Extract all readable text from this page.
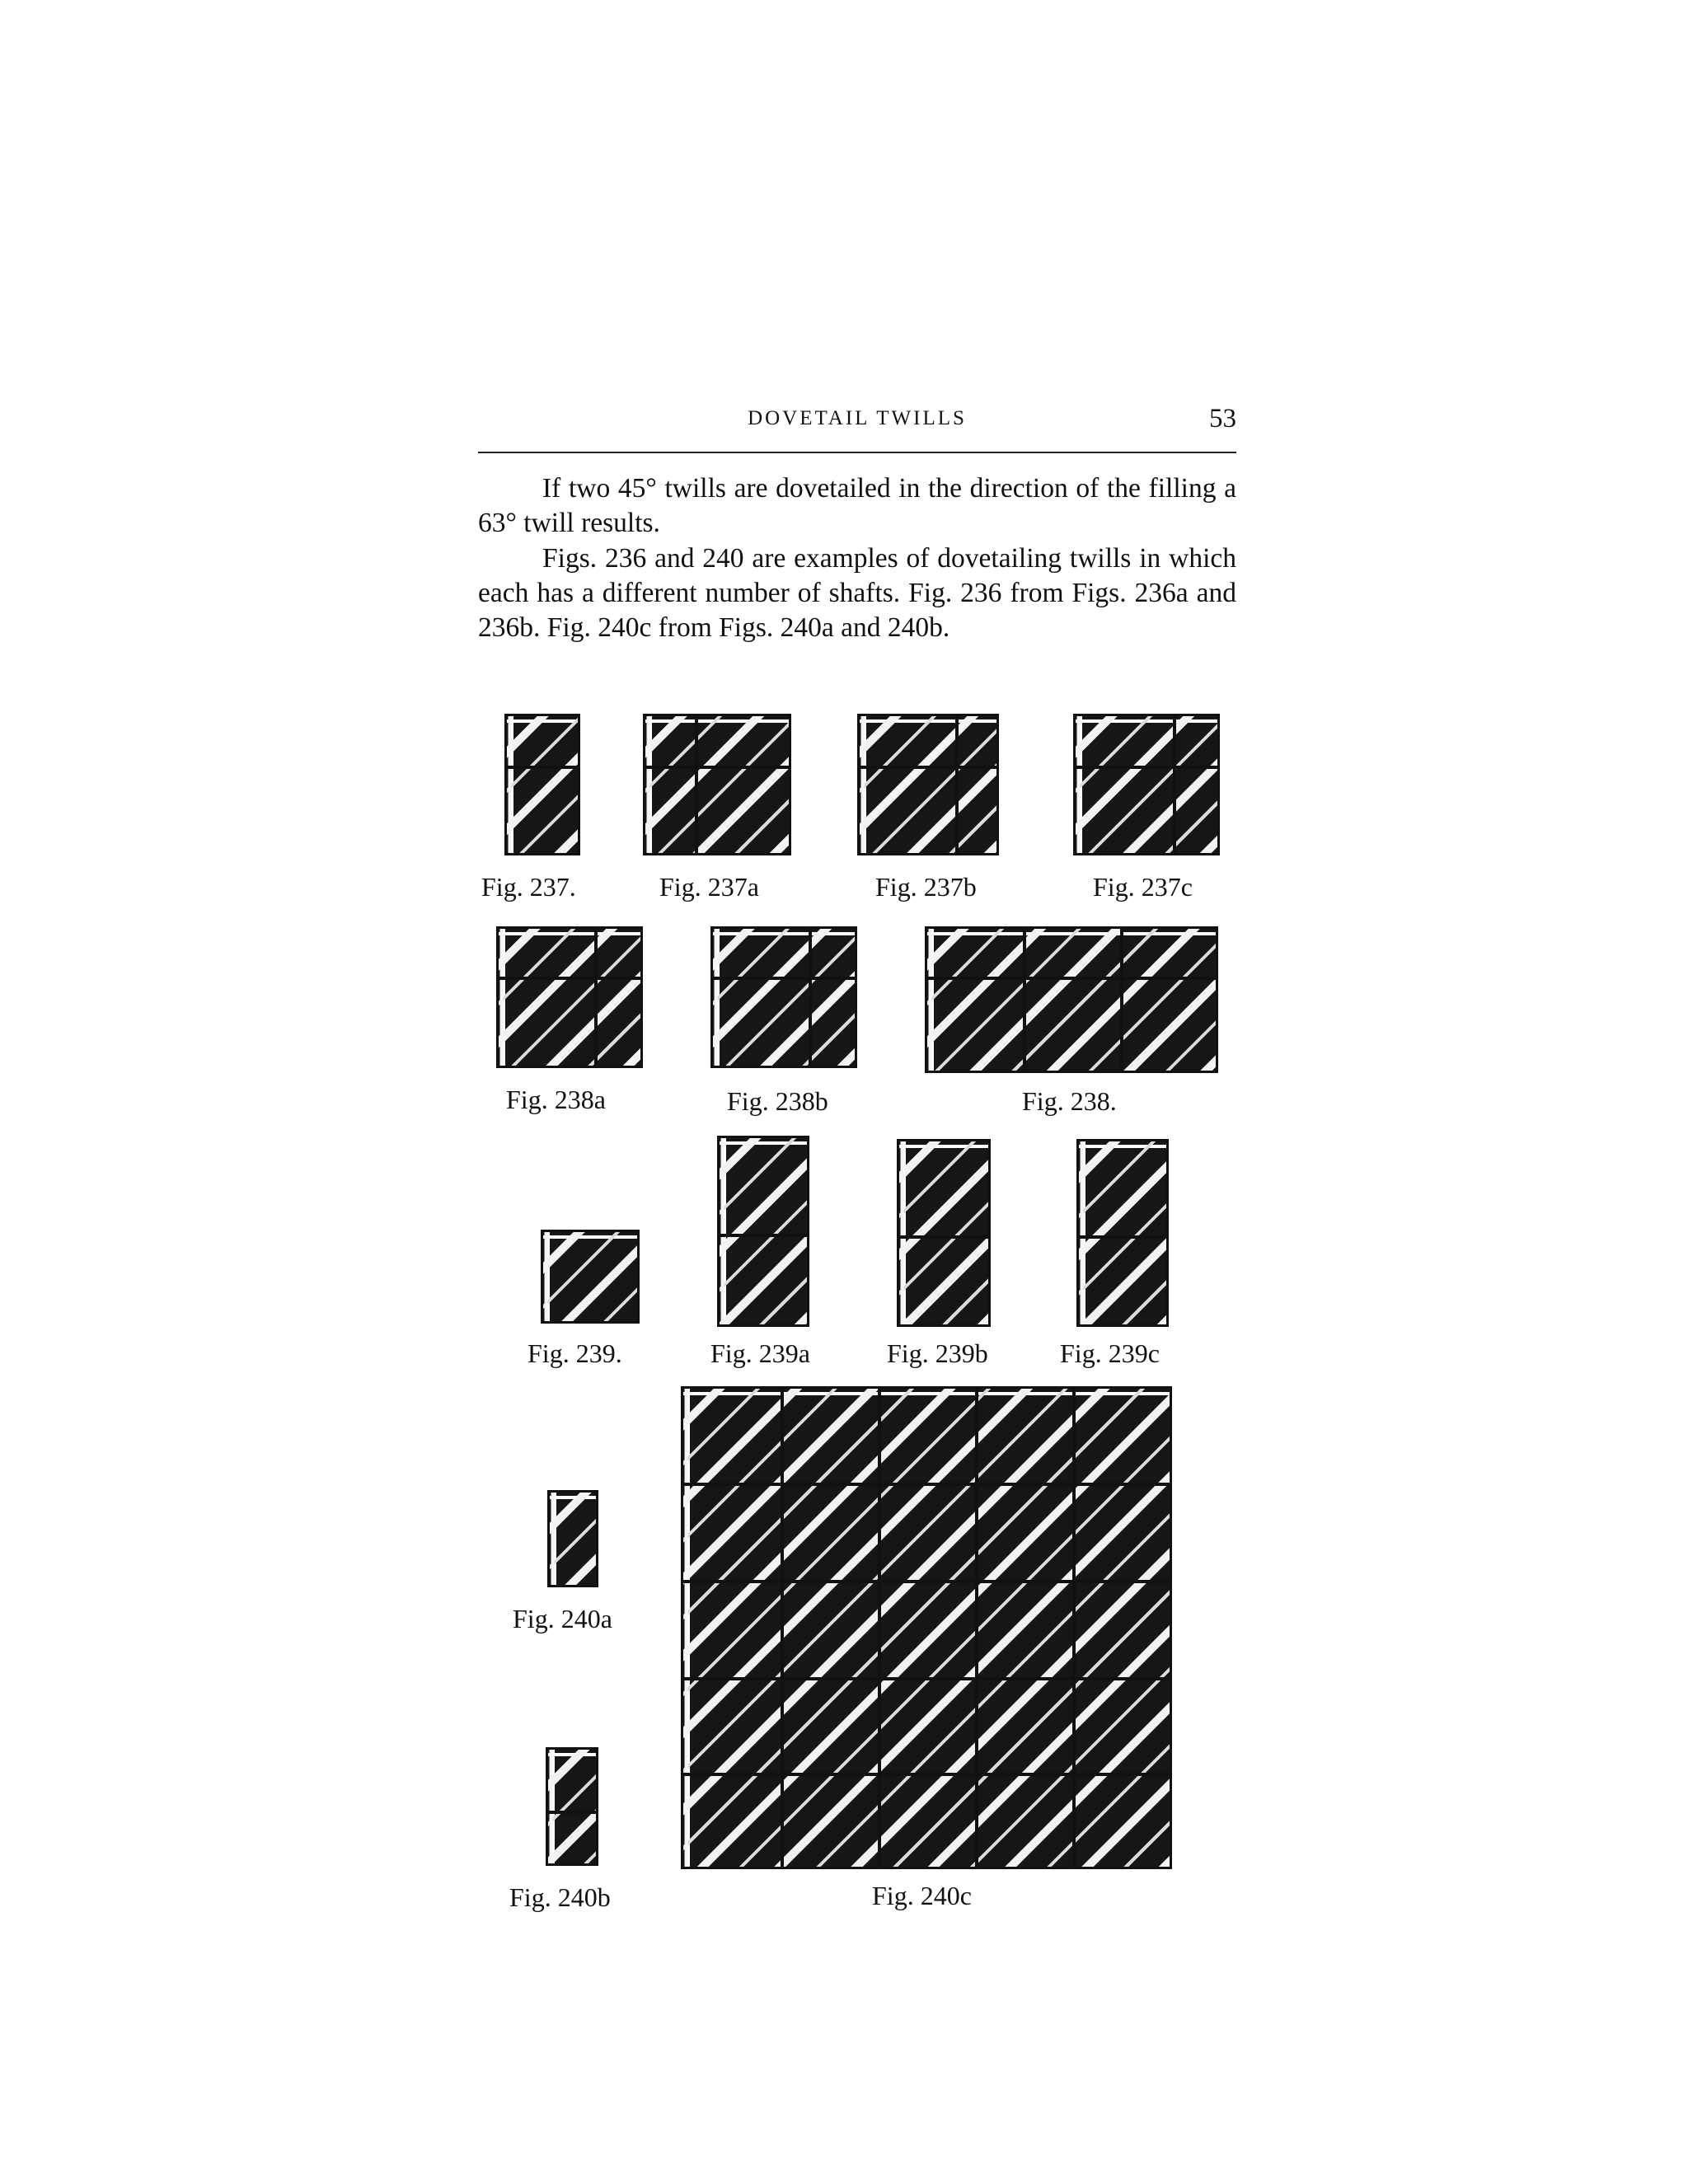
DOVETAIL TWILLS	53

If two 45° twills are dovetailed in the direction of the filling a 63° twill results.

Figs. 236 and 240 are examples of dovetailing twills in which each has a different number of shafts. Fig. 236 from Figs. 236a and 236b. Fig. 240c from Figs. 240a and 240b.

Fig. 237.	Fig. 237a	Fig. 237b	Fig. 237c
Fig. 238a	Fig. 238b	Fig. 238.
Fig. 239.	Fig. 239a	Fig. 239b	Fig. 239c
Fig. 240a
Fig. 240b	Fig. 240c
